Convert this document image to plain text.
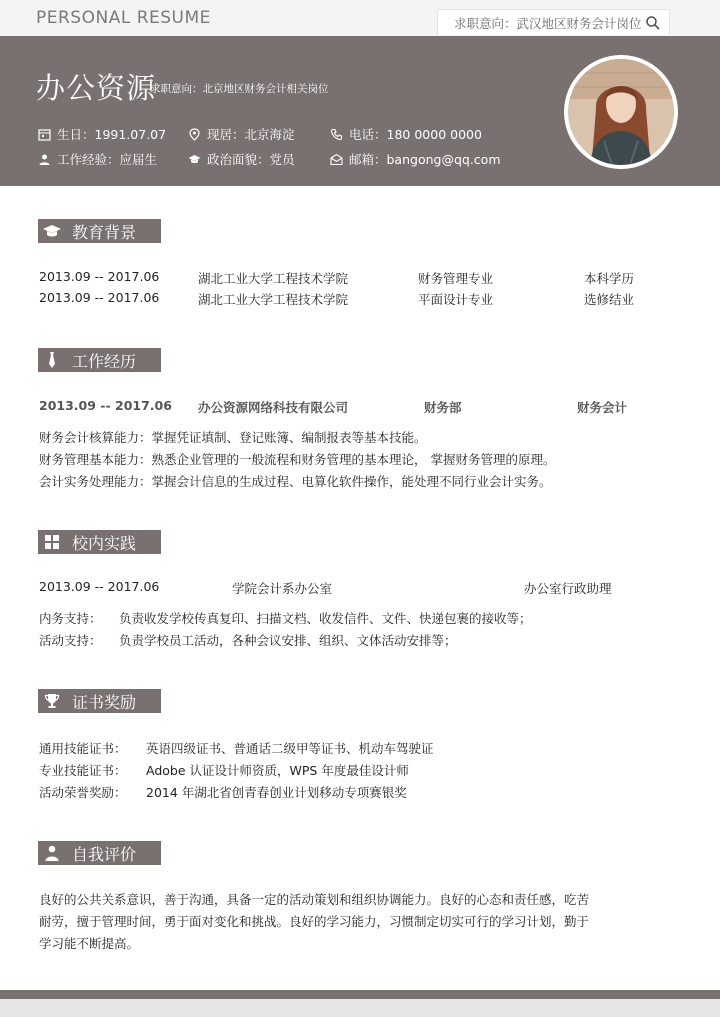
PERSONAL RESUME	求职意向：武汉地区财务会计岗位
办公资源
求职意向：北京地区财务会计相关岗位
生日：1991.07.07	现居：北京海淀	电话：180 0000 0000
工作经验：应届生	政治面貌：党员	邮箱：bangong@qq.com
教育背景
2013.09 -- 2017.06	湖北工业大学工程技术学院	财务管理专业	本科学历
2013.09 -- 2017.06	湖北工业大学工程技术学院	平面设计专业	选修结业
工作经历
2013.09 -- 2017.06 办公资源网络科技有限公司	财务部	财务会计
财务会计核算能力：掌握凭证填制、登记账簿、编制报表等基本技能。
财务管理基本能力：熟悉企业管理的一般流程和财务管理的基本理论， 掌握财务管理的原理。
会计实务处理能力：掌握会计信息的生成过程、电算化软件操作，能处理不同行业会计实务。
校内实践
2013.09 -- 2017.06	学院会计系办公室	办公室行政助理
内务支持： 负责收发学校传真复印、扫描文档、收发信件、文件、快递包裹的接收等；
活动支持： 负责学校员工活动，各种会议安排、组织、文体活动安排等；
证书奖励
通用技能证书： 英语四级证书、普通话二级甲等证书、机动车驾驶证
专业技能证书： Adobe 认证设计师资质，WPS 年度最佳设计师
活动荣誉奖励： 2014 年湖北省创青春创业计划移动专项赛银奖
自我评价
良好的公共关系意识，善于沟通，具备一定的活动策划和组织协调能力。良好的心态和责任感，吃苦
耐劳，擅于管理时间，勇于面对变化和挑战。良好的学习能力，习惯制定切实可行的学习计划，勤于
学习能不断提高。
